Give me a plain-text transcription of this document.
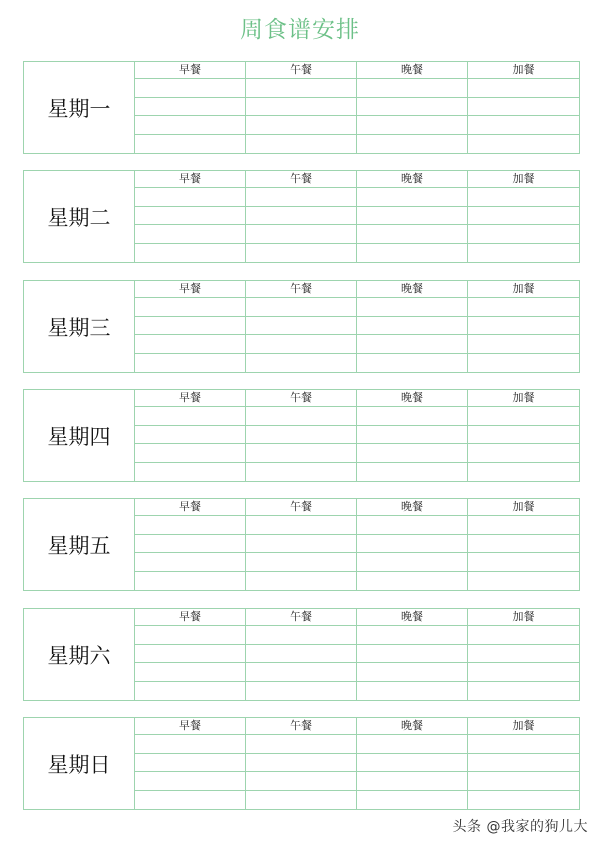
周食谱安排
星期一
早餐	午餐	晚餐	加餐
星期二
早餐	午餐	晚餐	加餐
星期三
早餐	午餐	晚餐	加餐
星期四
早餐	午餐	晚餐	加餐
星期五
早餐	午餐	晚餐	加餐
星期六
早餐	午餐	晚餐	加餐
星期日
早餐	午餐	晚餐	加餐
头条 @我家的狗儿大
